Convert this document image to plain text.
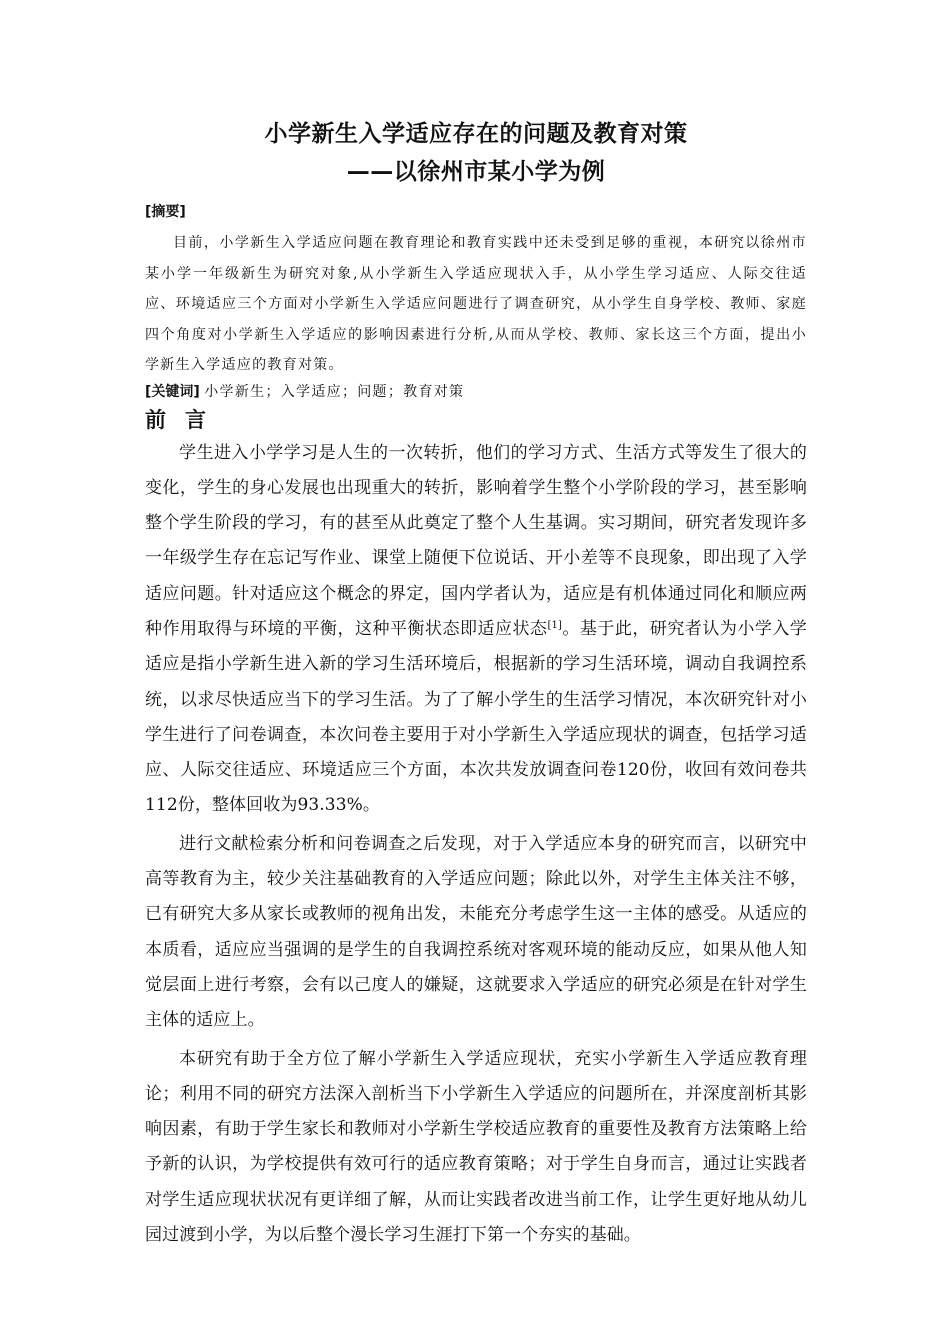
小学新生入学适应存在的问题及教育对策
——以徐州市某小学为例
[摘要]
目前，小学新生入学适应问题在教育理论和教育实践中还未受到足够的重视，本研究以徐州市某小学一年级新生为研究对象,从小学新生入学适应现状入手，从小学生学习适应、人际交往适应、环境适应三个方面对小学新生入学适应问题进行了调查研究，从小学生自身学校、教师、家庭四个角度对小学新生入学适应的影响因素进行分析,从而从学校、教师、家长这三个方面，提出小学新生入学适应的教育对策。
[关键词] 小学新生；入学适应；问题；教育对策
前 言

学生进入小学学习是人生的一次转折，他们的学习方式、生活方式等发生了很大的变化，学生的身心发展也出现重大的转折，影响着学生整个小学阶段的学习，甚至影响整个学生阶段的学习，有的甚至从此奠定了整个人生基调。实习期间，研究者发现许多一年级学生存在忘记写作业、课堂上随便下位说话、开小差等不良现象，即出现了入学适应问题。针对适应这个概念的界定，国内学者认为，适应是有机体通过同化和顺应两种作用取得与环境的平衡，这种平衡状态即适应状态[1]。基于此，研究者认为小学入学适应是指小学新生进入新的学习生活环境后，根据新的学习生活环境，调动自我调控系统，以求尽快适应当下的学习生活。为了了解小学生的生活学习情况，本次研究针对小学生进行了问卷调查，本次问卷主要用于对小学新生入学适应现状的调查，包括学习适应、人际交往适应、环境适应三个方面，本次共发放调查问卷120份，收回有效问卷共112份，整体回收为93.33%。

进行文献检索分析和问卷调查之后发现，对于入学适应本身的研究而言，以研究中高等教育为主，较少关注基础教育的入学适应问题；除此以外，对学生主体关注不够，已有研究大多从家长或教师的视角出发，未能充分考虑学生这一主体的感受。从适应的本质看，适应应当强调的是学生的自我调控系统对客观环境的能动反应，如果从他人知觉层面上进行考察，会有以己度人的嫌疑，这就要求入学适应的研究必须是在针对学生主体的适应上。

本研究有助于全方位了解小学新生入学适应现状，充实小学新生入学适应教育理论；利用不同的研究方法深入剖析当下小学新生入学适应的问题所在，并深度剖析其影响因素，有助于学生家长和教师对小学新生学校适应教育的重要性及教育方法策略上给予新的认识，为学校提供有效可行的适应教育策略；对于学生自身而言，通过让实践者对学生适应现状状况有更详细了解，从而让实践者改进当前工作，让学生更好地从幼儿园过渡到小学，为以后整个漫长学习生涯打下第一个夯实的基础。
